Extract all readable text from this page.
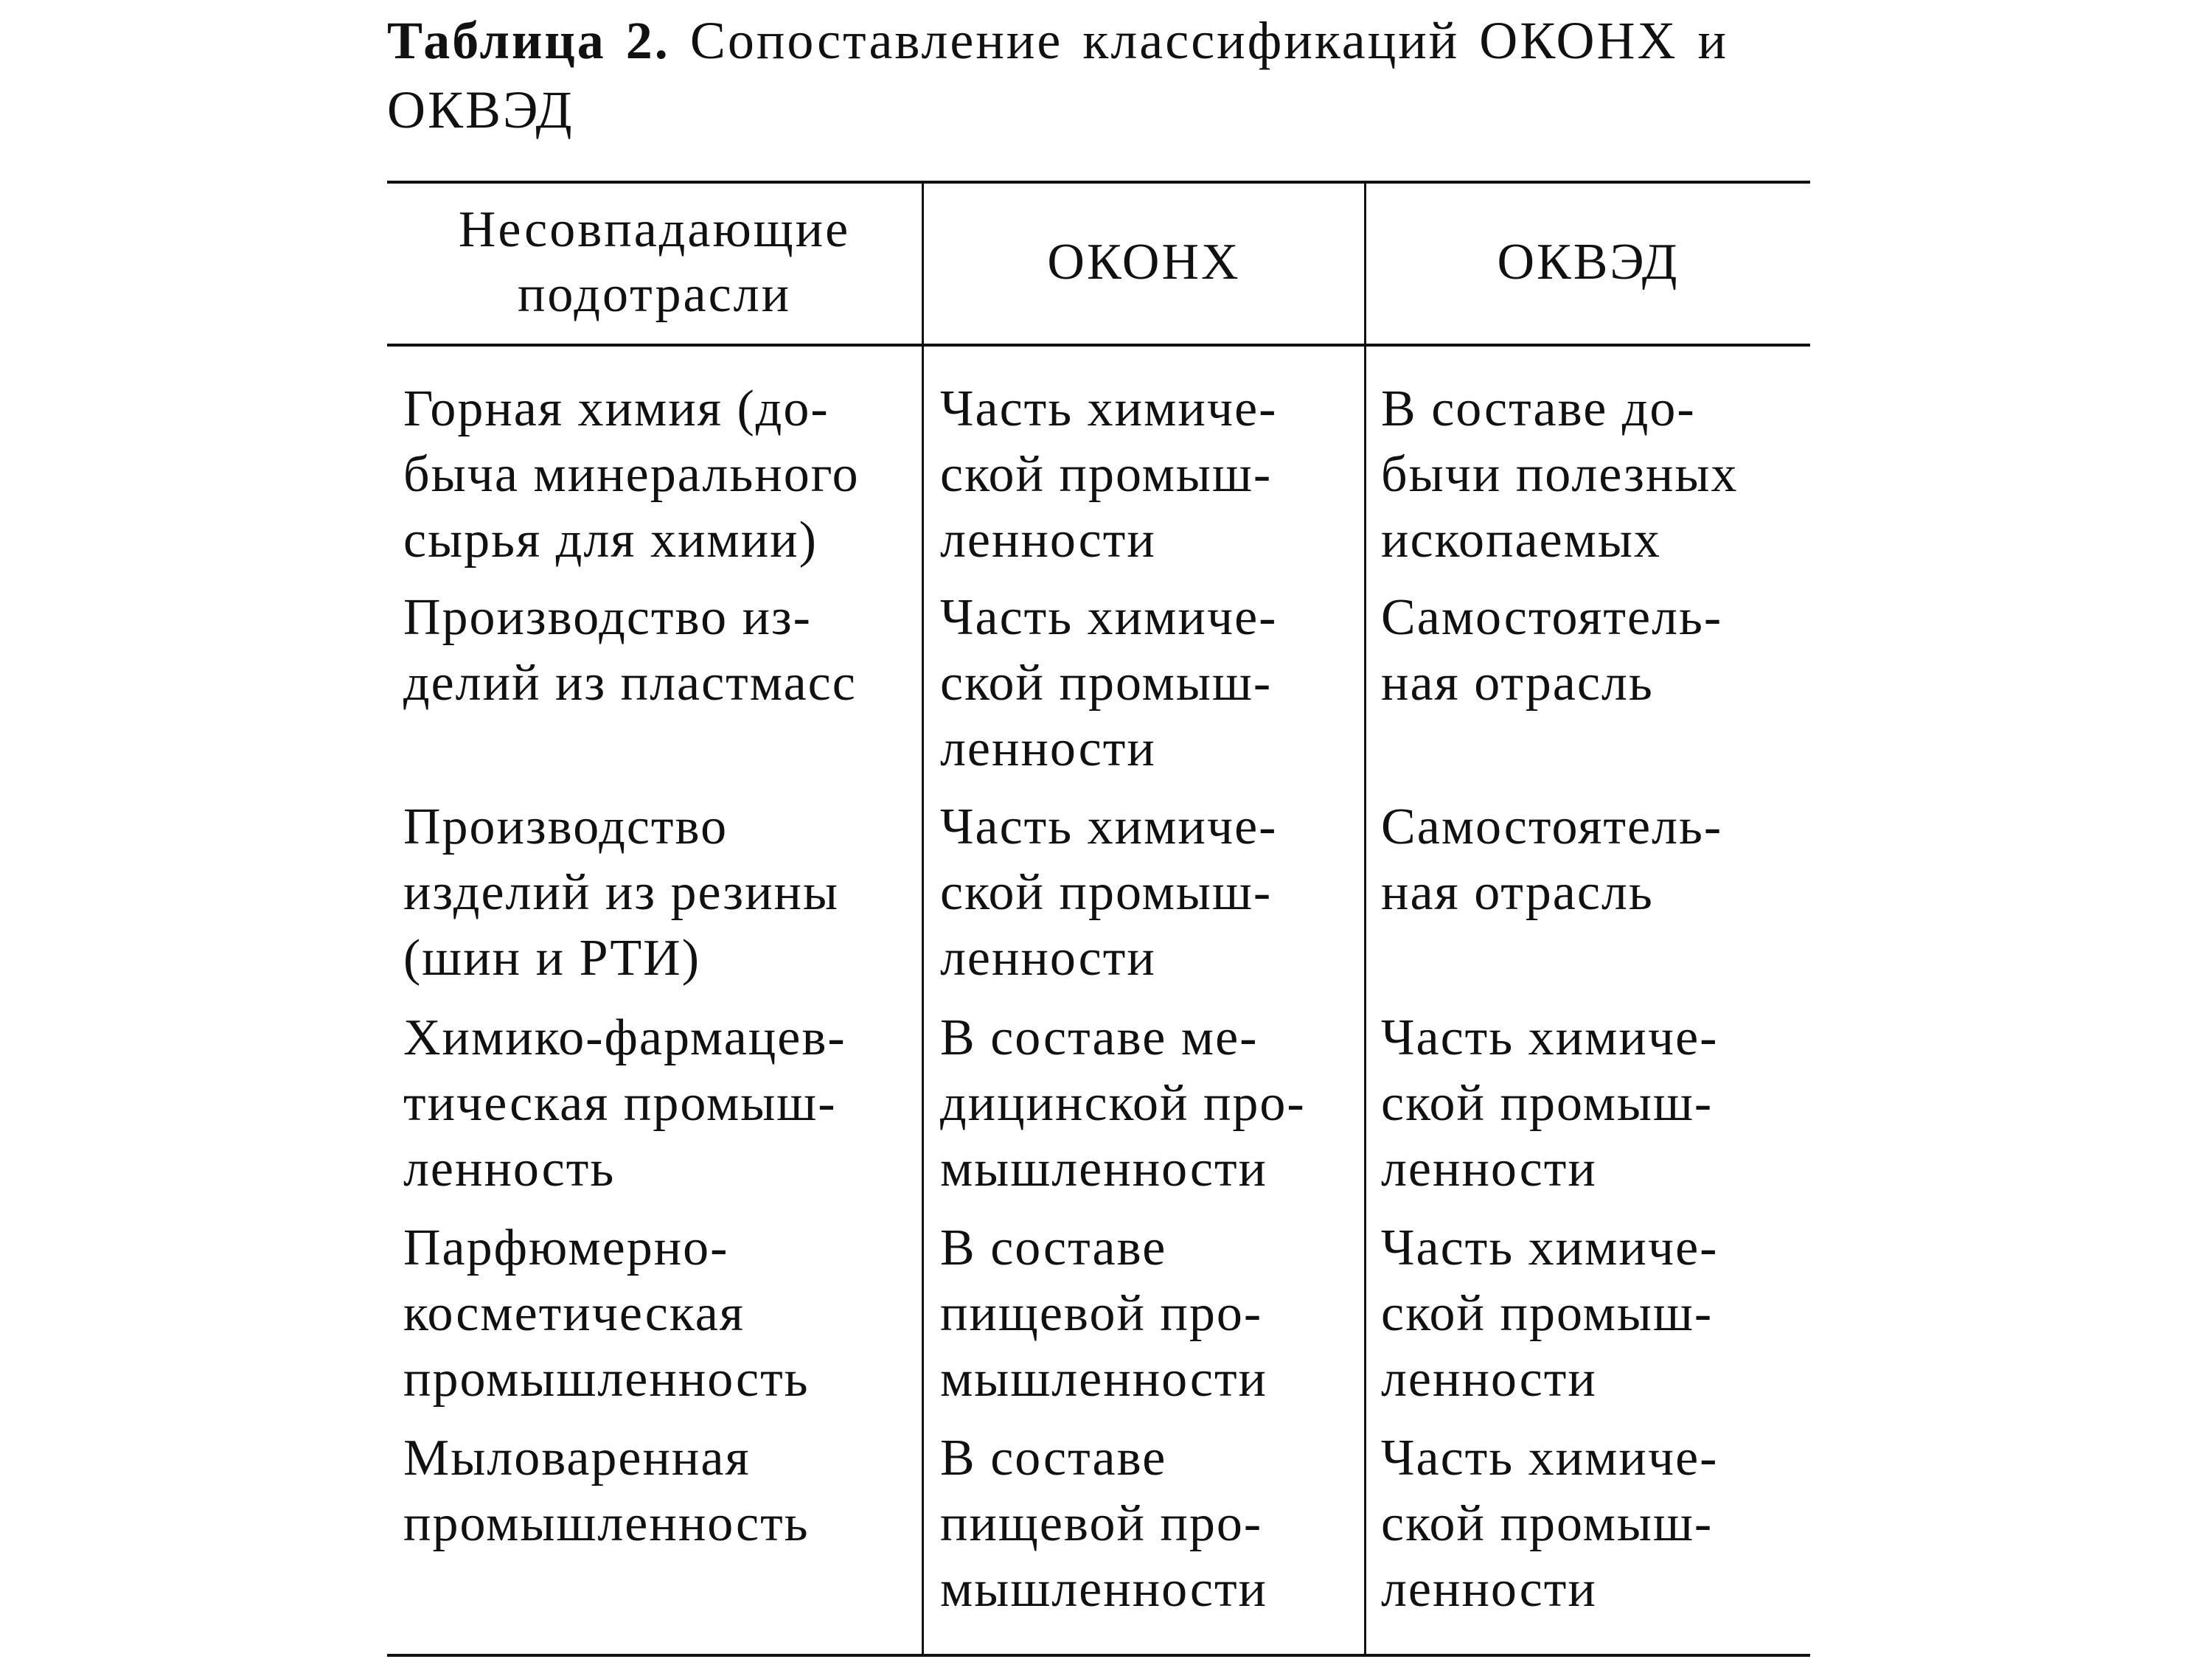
Таблица 2. Сопоставление классификаций ОКОНХ и
ОКВЭД
Несовпадающие
подотрасли
ОКОНХ	ОКВЭД
Горная химия (до-
быча минерального
сырья для химии)
Часть химиче-
ской промыш-
ленности
В составе до-
бычи полезных
ископаемых
Производство из-
делий из пластмасс
Часть химиче-
ской промыш-
ленности
Самостоятель-
ная отрасль
Производство
изделий из резины
(шин и РТИ)
Часть химиче-
ской промыш-
ленности
Самостоятель-
ная отрасль
Химико-фармацев-
тическая промыш-
ленность
В составе ме-
дицинской про-
мышленности
Часть химиче-
ской промыш-
ленности
Парфюмерно-
косметическая
промышленность
В составе
пищевой про-
мышленности
Часть химиче-
ской промыш-
ленности
Мыловаренная
промышленность
В составе
пищевой про-
мышленности
Часть химиче-
ской промыш-
ленности
